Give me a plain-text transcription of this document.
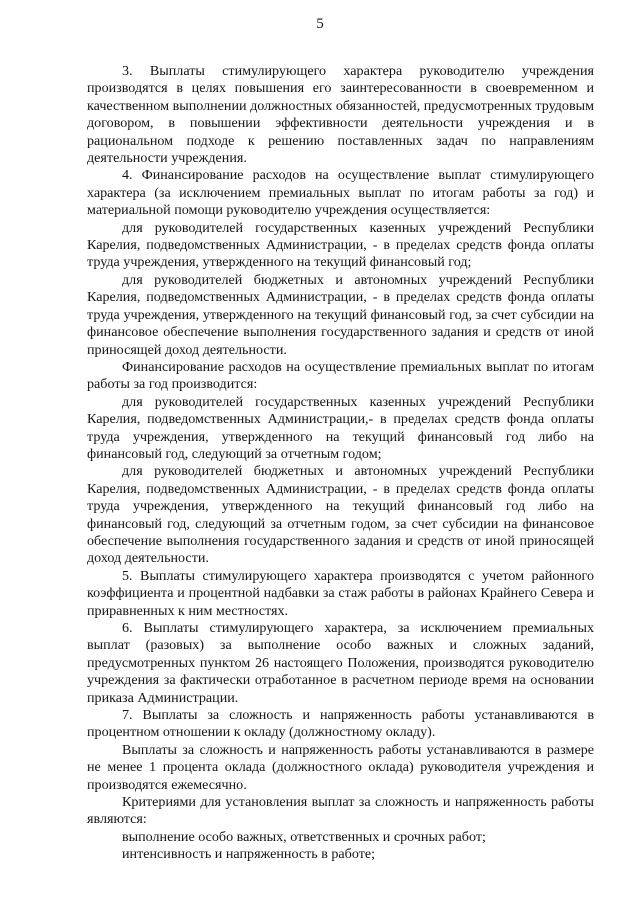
5

3. Выплаты стимулирующего характера руководителю учреждения производятся в целях повышения его заинтересованности в своевременном и качественном выполнении должностных обязанностей, предусмотренных трудовым договором, в повышении эффективности деятельности учреждения и в рациональном подходе к решению поставленных задач по направлениям деятельности учреждения.

4. Финансирование расходов на осуществление выплат стимулирующего характера (за исключением премиальных выплат по итогам работы за год) и материальной помощи руководителю учреждения осуществляется:

для руководителей государственных казенных учреждений Республики Карелия, подведомственных Администрации, - в пределах средств фонда оплаты труда учреждения, утвержденного на текущий финансовый год;

для руководителей бюджетных и автономных учреждений Республики Карелия, подведомственных Администрации, - в пределах средств фонда оплаты труда учреждения, утвержденного на текущий финансовый год, за счет субсидии на финансовое обеспечение выполнения государственного задания и средств от иной приносящей доход деятельности.

Финансирование расходов на осуществление премиальных выплат по итогам работы за год производится:

для руководителей государственных казенных учреждений Республики Карелия, подведомственных Администрации,- в пределах средств фонда оплаты труда учреждения, утвержденного на текущий финансовый год либо на финансовый год, следующий за отчетным годом;

для руководителей бюджетных и автономных учреждений Республики Карелия, подведомственных Администрации, - в пределах средств фонда оплаты труда учреждения, утвержденного на текущий финансовый год либо на финансовый год, следующий за отчетным годом, за счет субсидии на финансовое обеспечение выполнения государственного задания и средств от иной приносящей доход деятельности.

5. Выплаты стимулирующего характера производятся с учетом районного коэффициента и процентной надбавки за стаж работы в районах Крайнего Севера и приравненных к ним местностях.

6. Выплаты стимулирующего характера, за исключением премиальных выплат (разовых) за выполнение особо важных и сложных заданий, предусмотренных пунктом 26 настоящего Положения, производятся руководителю учреждения за фактически отработанное в расчетном периоде время на основании приказа Администрации.

7. Выплаты за сложность и напряженность работы устанавливаются в процентном отношении к окладу (должностному окладу).

Выплаты за сложность и напряженность работы устанавливаются в размере не менее 1 процента оклада (должностного оклада) руководителя учреждения и производятся ежемесячно.

Критериями для установления выплат за сложность и напряженность работы являются:

выполнение особо важных, ответственных и срочных работ;

интенсивность и напряженность в работе;
